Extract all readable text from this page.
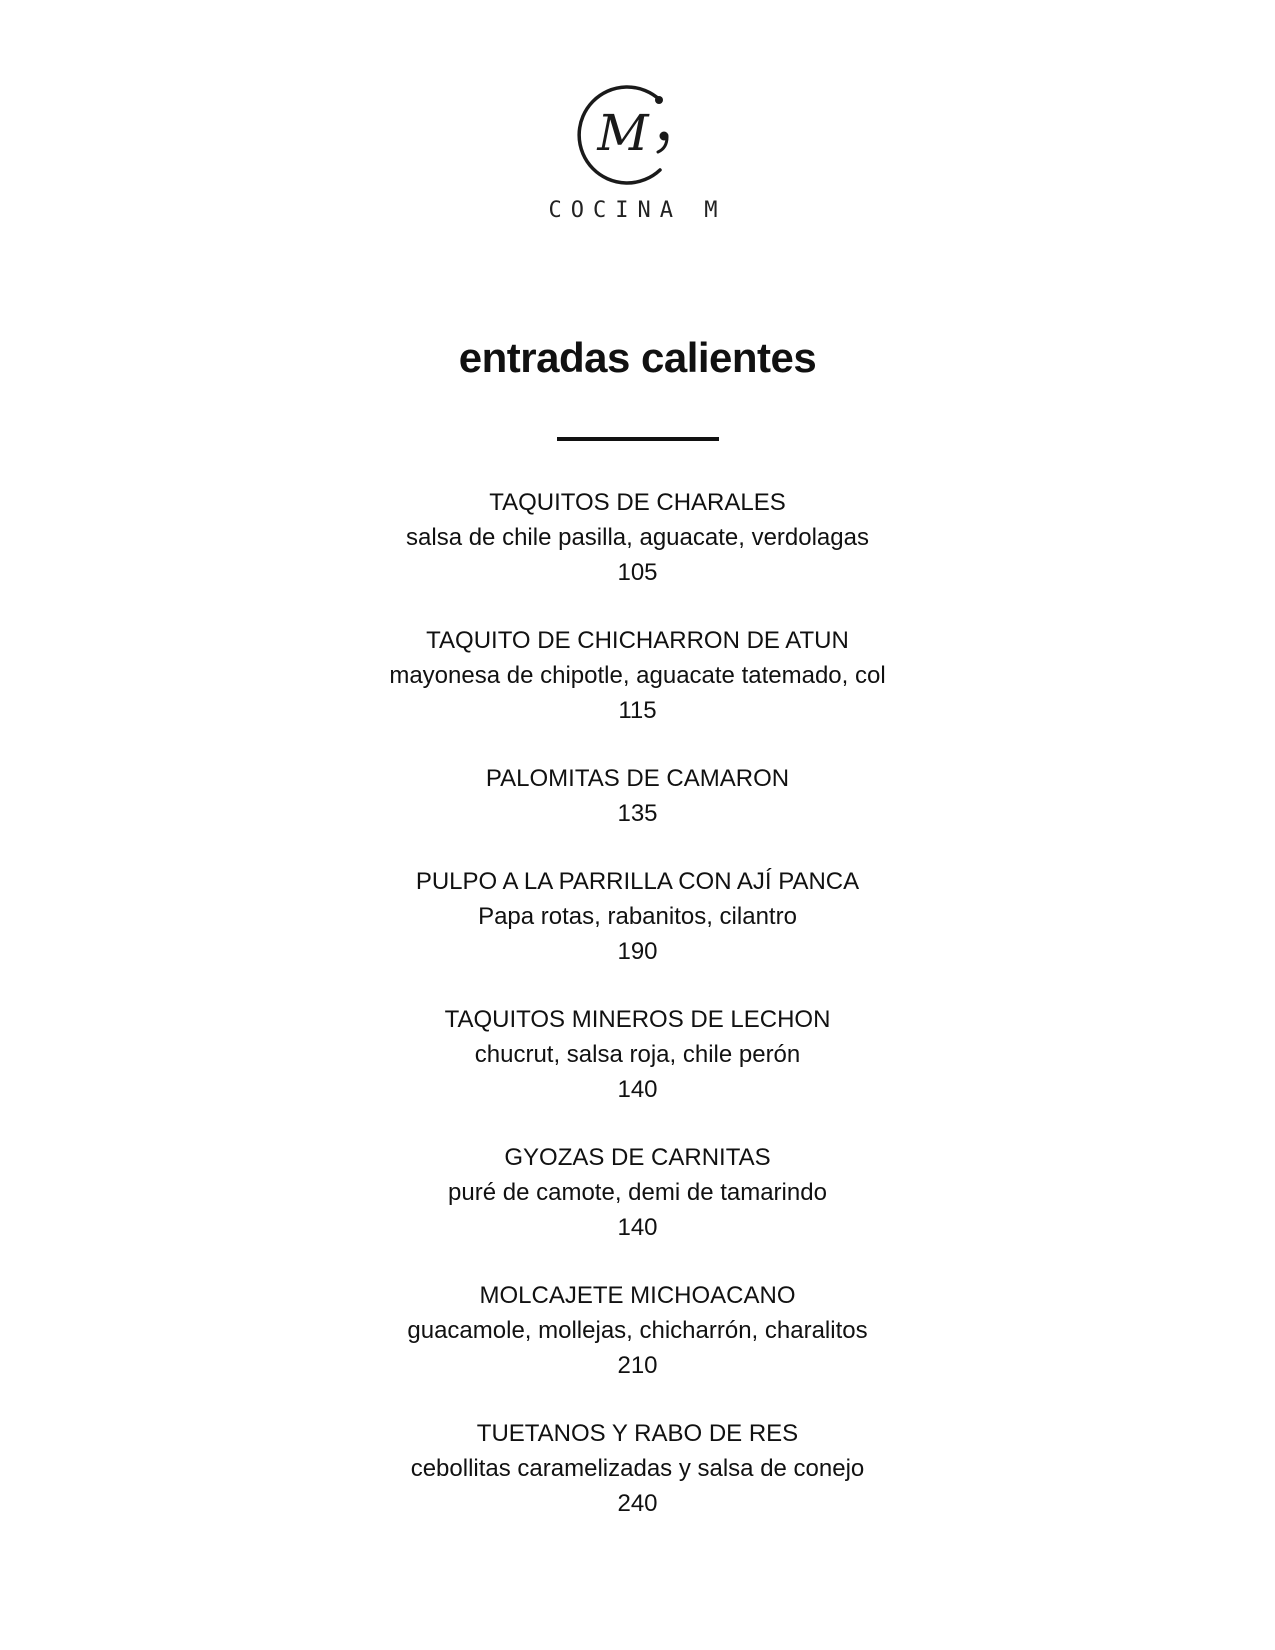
M
COCINA M
entradas calientes
TAQUITOS DE CHARALES
salsa de chile pasilla, aguacate, verdolagas
105
TAQUITO DE CHICHARRON DE ATUN
mayonesa de chipotle, aguacate tatemado, col
115
PALOMITAS DE CAMARON
135
PULPO A LA PARRILLA CON AJÍ PANCA
Papa rotas, rabanitos, cilantro
190
TAQUITOS MINEROS DE LECHON
chucrut, salsa roja, chile perón
140
GYOZAS DE CARNITAS
puré de camote, demi de tamarindo
140
MOLCAJETE MICHOACANO
guacamole, mollejas, chicharrón, charalitos
210
TUETANOS Y RABO DE RES
cebollitas caramelizadas y salsa de conejo
240
